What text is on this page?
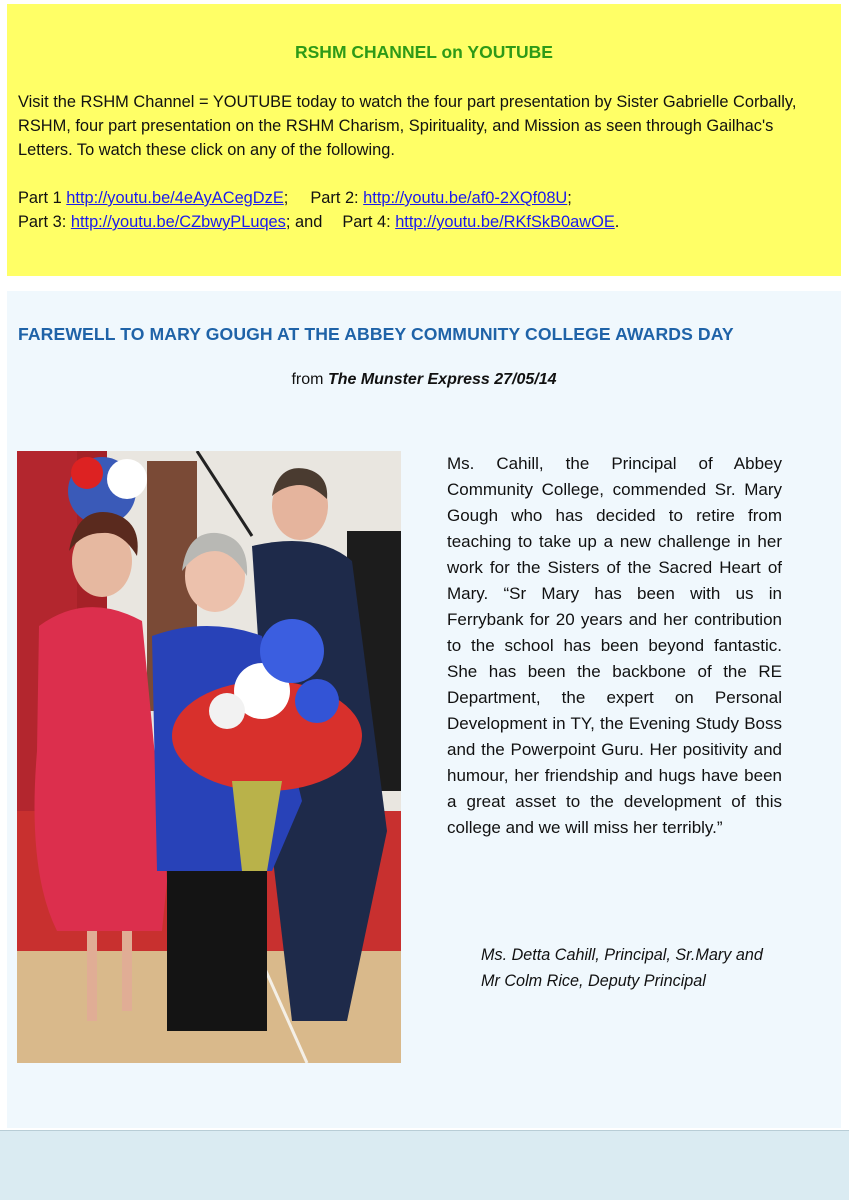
RSHM CHANNEL on YOUTUBE

Visit the RSHM Channel = YOUTUBE today to watch the four part presentation by Sister Gabrielle Corbally, RSHM, four part presentation on the RSHM Charism, Spirituality, and Mission as seen through Gailhac's Letters. To watch these click on any of the following.

Part 1 http://youtu.be/4eAyACegDzE; Part 2: http://youtu.be/af0-2XQf08U;
Part 3: http://youtu.be/CZbwyPLuqes; and Part 4: http://youtu.be/RKfSkB0awOE.

FAREWELL TO MARY GOUGH AT THE ABBEY COMMUNITY COLLEGE AWARDS DAY
from The Munster Express 27/05/14
Ms. Cahill, the Principal of Abbey Community College, commended Sr. Mary Gough who has decided to retire from teaching to take up a new challenge in her work for the Sisters of the Sacred Heart of Mary. “Sr Mary has been with us in Ferrybank for 20 years and her contribution to the school has been beyond fantastic. She has been the backbone of the RE Department, the expert on Personal Development in TY, the Evening Study Boss and the Powerpoint Guru. Her positivity and humour, her friendship and hugs have been a great asset to the development of this college and we will miss her terribly.”
Ms. Detta Cahill, Principal, Sr.Mary and Mr Colm Rice, Deputy Principal
